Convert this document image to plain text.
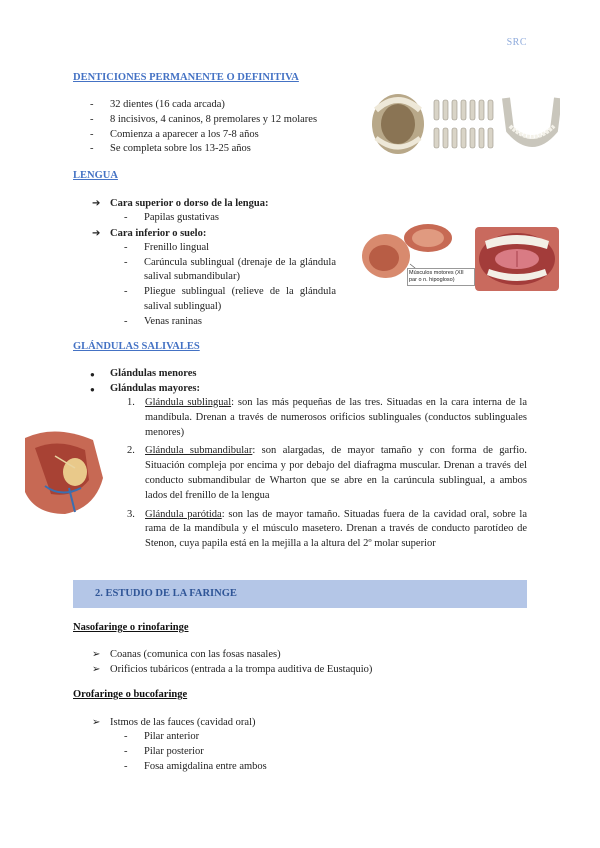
SRC
DENTICIONES PERMANENTE O DEFINITIVA
- 32 dientes (16 cada arcada)
- 8 incisivos, 4 caninos, 8 premolares y 12 molares
- Comienza a aparecer a los 7-8 años
- Se completa sobre los 13-25 años
LENGUA
➔ Cara superior o dorso de la lengua:
- Papilas gustativas
➔ Cara inferior o suelo:
- Frenillo lingual
- Carúncula sublingual (drenaje de la glándula salival submandibular)
- Pliegue sublingual (relieve de la glándula salival sublingual)
- Venas raninas
Músculos motores (XII par o n. hipogloso)
GLÁNDULAS SALIVALES
● Glándulas menores
● Glándulas mayores:
1. Glándula sublingual: son las más pequeñas de las tres. Situadas en la cara interna de la mandíbula. Drenan a través de numerosos orificios sublinguales (conductos sublinguales menores)
2. Glándula submandibular: son alargadas, de mayor tamaño y con forma de garfio. Situación compleja por encima y por debajo del diafragma muscular. Drenan a través del conducto submandibular de Wharton que se abre en la carúncula sublingual, a ambos lados del frenillo de la lengua
3. Glándula parótida: son las de mayor tamaño. Situadas fuera de la cavidad oral, sobre la rama de la mandíbula y el músculo masetero. Drenan a través de conducto parotídeo de Stenon, cuya papila está en la mejilla a la altura del 2º molar superior
2. ESTUDIO DE LA FARINGE
Nasofaringe o rinofaringe
➢ Coanas (comunica con las fosas nasales)
➢ Orificios tubáricos (entrada a la trompa auditiva de Eustaquio)
Orofaringe o bucofaringe
➢ Istmos de las fauces (cavidad oral)
- Pilar anterior
- Pilar posterior
- Fosa amigdalina entre ambos
